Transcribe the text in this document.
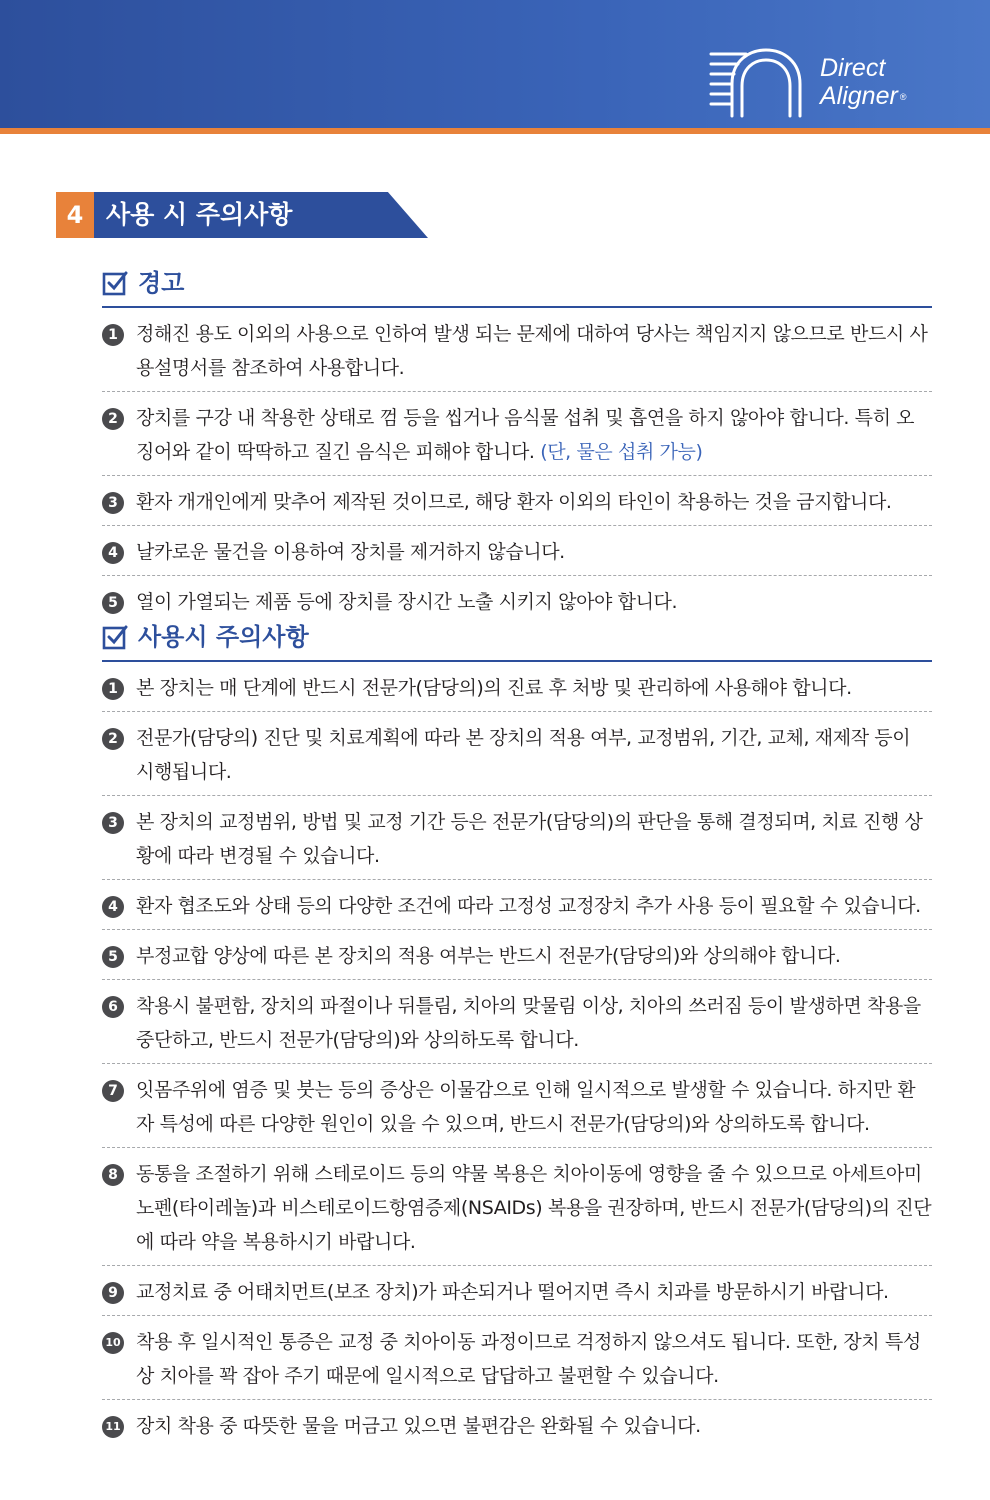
Direct
Aligner ®
4 사용 시 주의사항
경고
1 정해진 용도 이외의 사용으로 인하여 발생 되는 문제에 대하여 당사는 책임지지 않으므로 반드시 사용설명서를 참조하여 사용합니다.
2 장치를 구강 내 착용한 상태로 껌 등을 씹거나 음식물 섭취 및 흡연을 하지 않아야 합니다. 특히 오징어와 같이 딱딱하고 질긴 음식은 피해야 합니다. (단, 물은 섭취 가능)
3 환자 개개인에게 맞추어 제작된 것이므로, 해당 환자 이외의 타인이 착용하는 것을 금지합니다.
4 날카로운 물건을 이용하여 장치를 제거하지 않습니다.
5 열이 가열되는 제품 등에 장치를 장시간 노출 시키지 않아야 합니다.
사용시 주의사항
1 본 장치는 매 단계에 반드시 전문가(담당의)의 진료 후 처방 및 관리하에 사용해야 합니다.
2 전문가(담당의) 진단 및 치료계획에 따라 본 장치의 적용 여부, 교정범위, 기간, 교체, 재제작 등이 시행됩니다.
3 본 장치의 교정범위, 방법 및 교정 기간 등은 전문가(담당의)의 판단을 통해 결정되며, 치료 진행 상황에 따라 변경될 수 있습니다.
4 환자 협조도와 상태 등의 다양한 조건에 따라 고정성 교정장치 추가 사용 등이 필요할 수 있습니다.
5 부정교합 양상에 따른 본 장치의 적용 여부는 반드시 전문가(담당의)와 상의해야 합니다.
6 착용시 불편함, 장치의 파절이나 뒤틀림, 치아의 맞물림 이상, 치아의 쓰러짐 등이 발생하면 착용을 중단하고, 반드시 전문가(담당의)와 상의하도록 합니다.
7 잇몸주위에 염증 및 붓는 등의 증상은 이물감으로 인해 일시적으로 발생할 수 있습니다. 하지만 환자 특성에 따른 다양한 원인이 있을 수 있으며, 반드시 전문가(담당의)와 상의하도록 합니다.
8 동통을 조절하기 위해 스테로이드 등의 약물 복용은 치아이동에 영향을 줄 수 있으므로 아세트아미노펜(타이레놀)과 비스테로이드항염증제(NSAIDs) 복용을 권장하며, 반드시 전문가(담당의)의 진단에 따라 약을 복용하시기 바랍니다.
9 교정치료 중 어태치먼트(보조 장치)가 파손되거나 떨어지면 즉시 치과를 방문하시기 바랍니다.
10 착용 후 일시적인 통증은 교정 중 치아이동 과정이므로 걱정하지 않으셔도 됩니다. 또한, 장치 특성상 치아를 꽉 잡아 주기 때문에 일시적으로 답답하고 불편할 수 있습니다.
11 장치 착용 중 따뜻한 물을 머금고 있으면 불편감은 완화될 수 있습니다.
